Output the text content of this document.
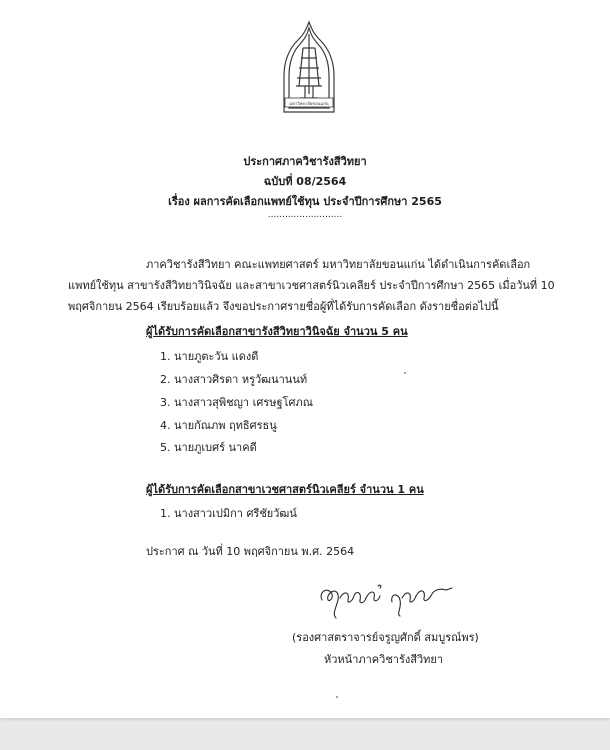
มหาวิทยาลัยขอนแก่น
ประกาศภาควิชารังสีวิทยา
ฉบับที่ 08/2564
เรื่อง ผลการคัดเลือกแพทย์ใช้ทุน ประจำปีการศึกษา 2565
..........................
ภาควิชารังสีวิทยา คณะแพทยศาสตร์ มหาวิทยาลัยขอนแก่น ได้ดำเนินการคัดเลือก
แพทย์ใช้ทุน สาขารังสีวิทยาวินิจฉัย และสาขาเวชศาสตร์นิวเคลียร์ ประจำปีการศึกษา 2565 เมื่อวันที่ 10
พฤศจิกายน 2564 เรียบร้อยแล้ว จึงขอประกาศรายชื่อผู้ที่ได้รับการคัดเลือก ดังรายชื่อต่อไปนี้
ผู้ได้รับการคัดเลือกสาขารังสีวิทยาวินิจฉัย จำนวน 5 คน
1. นายภูตะวัน แดงดี
2. นางสาวศิรดา หรูวัฒนานนท์
3. นางสาวสุพิชญา เศรษฐโศภณ
4. นายกัณภพ ฤทธิศรธนู
5. นายภูเบศร์ นาคดี
ผู้ได้รับการคัดเลือกสาขาเวชศาสตร์นิวเคลียร์ จำนวน 1 คน
1. นางสาวเปมิกา ศรีชัยวัฒน์
ประกาศ ณ วันที่ 10 พฤศจิกายน พ.ศ. 2564
(รองศาสตราจารย์จรูญศักดิ์ สมบูรณ์พร)
หัวหน้าภาควิชารังสีวิทยา
